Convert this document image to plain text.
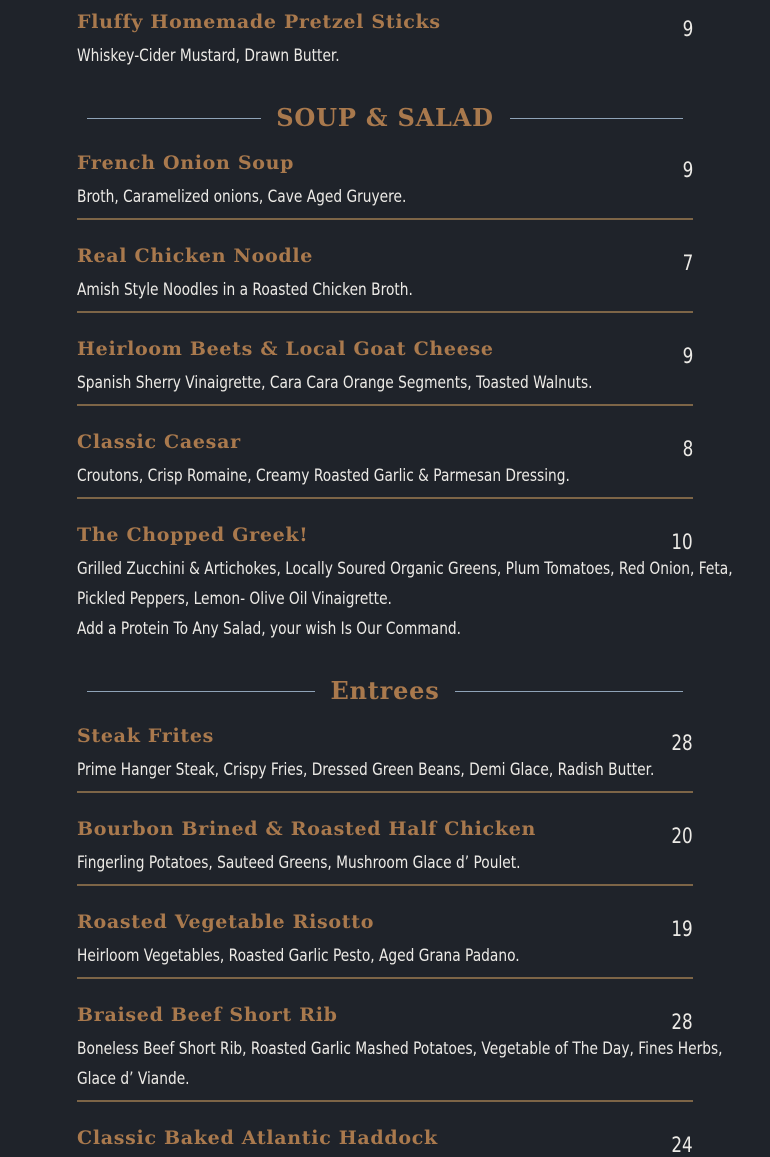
Fluffy Homemade Pretzel Sticks	9
Whiskey-Cider Mustard, Drawn Butter.
SOUP & SALAD
French Onion Soup	9
Broth, Caramelized onions, Cave Aged Gruyere.
Real Chicken Noodle	7
Amish Style Noodles in a Roasted Chicken Broth.
Heirloom Beets & Local Goat Cheese	9
Spanish Sherry Vinaigrette, Cara Cara Orange Segments, Toasted Walnuts.
Classic Caesar	8
Croutons, Crisp Romaine, Creamy Roasted Garlic & Parmesan Dressing.
The Chopped Greek!	10
Grilled Zucchini & Artichokes, Locally Soured Organic Greens, Plum Tomatoes, Red Onion, Feta,
Pickled Peppers, Lemon- Olive Oil Vinaigrette.
Add a Protein To Any Salad, your wish Is Our Command.
Entrees
Steak Frites	28
Prime Hanger Steak, Crispy Fries, Dressed Green Beans, Demi Glace, Radish Butter.
Bourbon Brined & Roasted Half Chicken	20
Fingerling Potatoes, Sauteed Greens, Mushroom Glace d’ Poulet.
Roasted Vegetable Risotto	19
Heirloom Vegetables, Roasted Garlic Pesto, Aged Grana Padano.
Braised Beef Short Rib	28
Boneless Beef Short Rib, Roasted Garlic Mashed Potatoes, Vegetable of The Day, Fines Herbs,
Glace d’ Viande.
Classic Baked Atlantic Haddock	24
